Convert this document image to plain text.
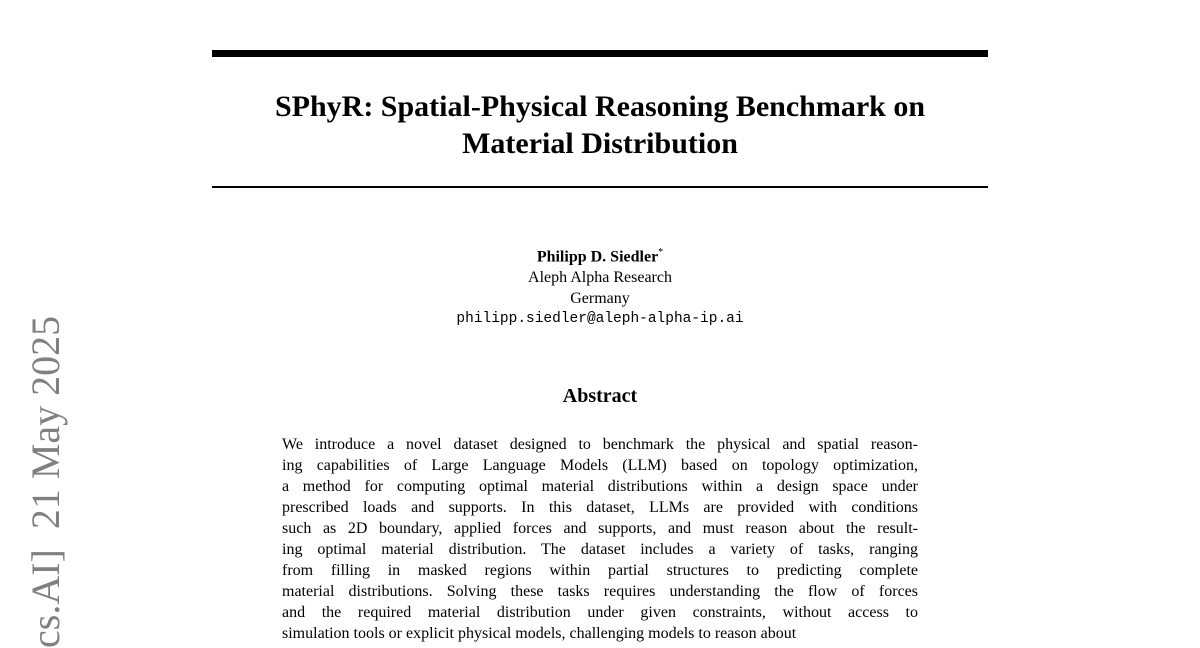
SPhyR: Spatial-Physical Reasoning Benchmark on
Material Distribution
Philipp D. Siedler*
Aleph Alpha Research
Germany
philipp.siedler@aleph-alpha-ip.ai
Abstract
We introduce a novel dataset designed to benchmark the physical and spatial reason-
ing capabilities of Large Language Models (LLM) based on topology optimization,
a method for computing optimal material distributions within a design space under
prescribed loads and supports. In this dataset, LLMs are provided with conditions
such as 2D boundary, applied forces and supports, and must reason about the result-
ing optimal material distribution. The dataset includes a variety of tasks, ranging
from filling in masked regions within partial structures to predicting complete
material distributions. Solving these tasks requires understanding the flow of forces
and the required material distribution under given constraints, without access to
simulation tools or explicit physical models, challenging models to reason about
cs.AI]  21 May 2025
